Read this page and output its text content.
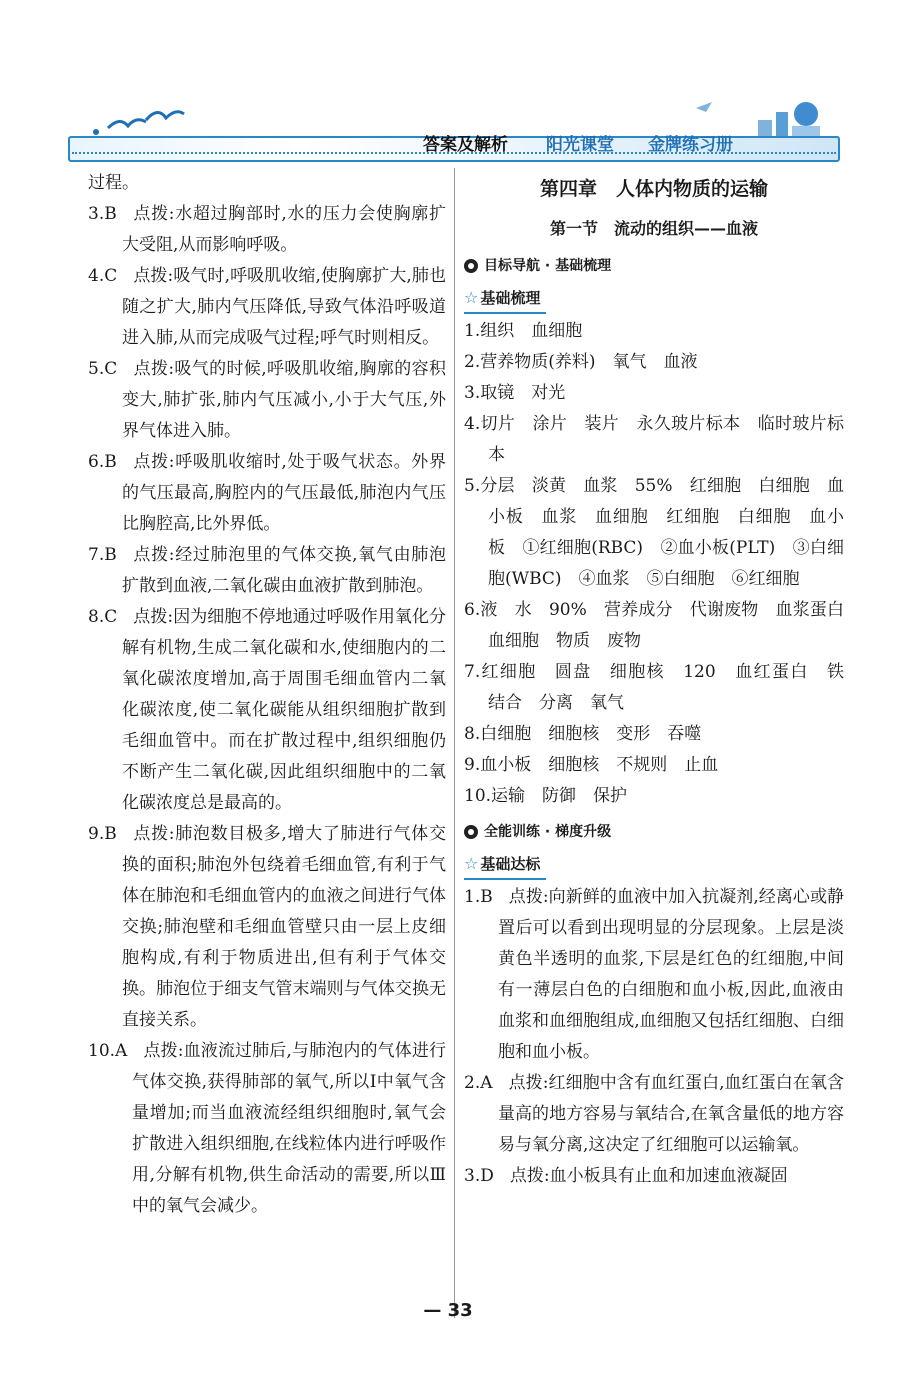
答案及解析 阳光课堂 金牌练习册

过程。

3.B 点拨:水超过胸部时,水的压力会使胸廓扩大受阻,从而影响呼吸。

4.C 点拨:吸气时,呼吸肌收缩,使胸廓扩大,肺也随之扩大,肺内气压降低,导致气体沿呼吸道进入肺,从而完成吸气过程;呼气时则相反。

5.C 点拨:吸气的时候,呼吸肌收缩,胸廓的容积变大,肺扩张,肺内气压减小,小于大气压,外界气体进入肺。

6.B 点拨:呼吸肌收缩时,处于吸气状态。外界的气压最高,胸腔内的气压最低,肺泡内气压比胸腔高,比外界低。

7.B 点拨:经过肺泡里的气体交换,氧气由肺泡扩散到血液,二氧化碳由血液扩散到肺泡。

8.C 点拨:因为细胞不停地通过呼吸作用氧化分解有机物,生成二氧化碳和水,使细胞内的二氧化碳浓度增加,高于周围毛细血管内二氧化碳浓度,使二氧化碳能从组织细胞扩散到毛细血管中。而在扩散过程中,组织细胞仍不断产生二氧化碳,因此组织细胞中的二氧化碳浓度总是最高的。

9.B 点拨:肺泡数目极多,增大了肺进行气体交换的面积;肺泡外包绕着毛细血管,有利于气体在肺泡和毛细血管内的血液之间进行气体交换;肺泡壁和毛细血管壁只由一层上皮细胞构成,有利于物质进出,但有利于气体交换。肺泡位于细支气管末端则与气体交换无直接关系。

10.A 点拨:血液流过肺后,与肺泡内的气体进行气体交换,获得肺部的氧气,所以Ⅰ中氧气含量增加;而当血液流经组织细胞时,氧气会扩散进入组织细胞,在线粒体内进行呼吸作用,分解有机物,供生命活动的需要,所以Ⅲ中的氧气会减少。

第四章　人体内物质的运输
第一节　流动的组织——血液
目标导航 · 基础梳理
☆ 基础梳理

1.组织　血细胞

2.营养物质(养料)　氧气　血液

3.取镜　对光

4.切片　涂片　装片　永久玻片标本　临时玻片标本

5.分层　淡黄　血浆　55%　红细胞　白细胞　血小板　血浆　血细胞　红细胞　白细胞　血小板　①红细胞(RBC)　②血小板(PLT)　③白细胞(WBC)　④血浆　⑤白细胞　⑥红细胞

6.液　水　90%　营养成分　代谢废物　血浆蛋白　血细胞　物质　废物

7.红细胞　圆盘　细胞核　120　血红蛋白　铁　结合　分离　氧气

8.白细胞　细胞核　变形　吞噬

9.血小板　细胞核　不规则　止血

10.运输　防御　保护

全能训练 · 梯度升级
☆ 基础达标

1.B 点拨:向新鲜的血液中加入抗凝剂,经离心或静置后可以看到出现明显的分层现象。上层是淡黄色半透明的血浆,下层是红色的红细胞,中间有一薄层白色的白细胞和血小板,因此,血液由血浆和血细胞组成,血细胞又包括红细胞、白细胞和血小板。

2.A 点拨:红细胞中含有血红蛋白,血红蛋白在氧含量高的地方容易与氧结合,在氧含量低的地方容易与氧分离,这决定了红细胞可以运输氧。

3.D 点拨:血小板具有止血和加速血液凝固

— 33
